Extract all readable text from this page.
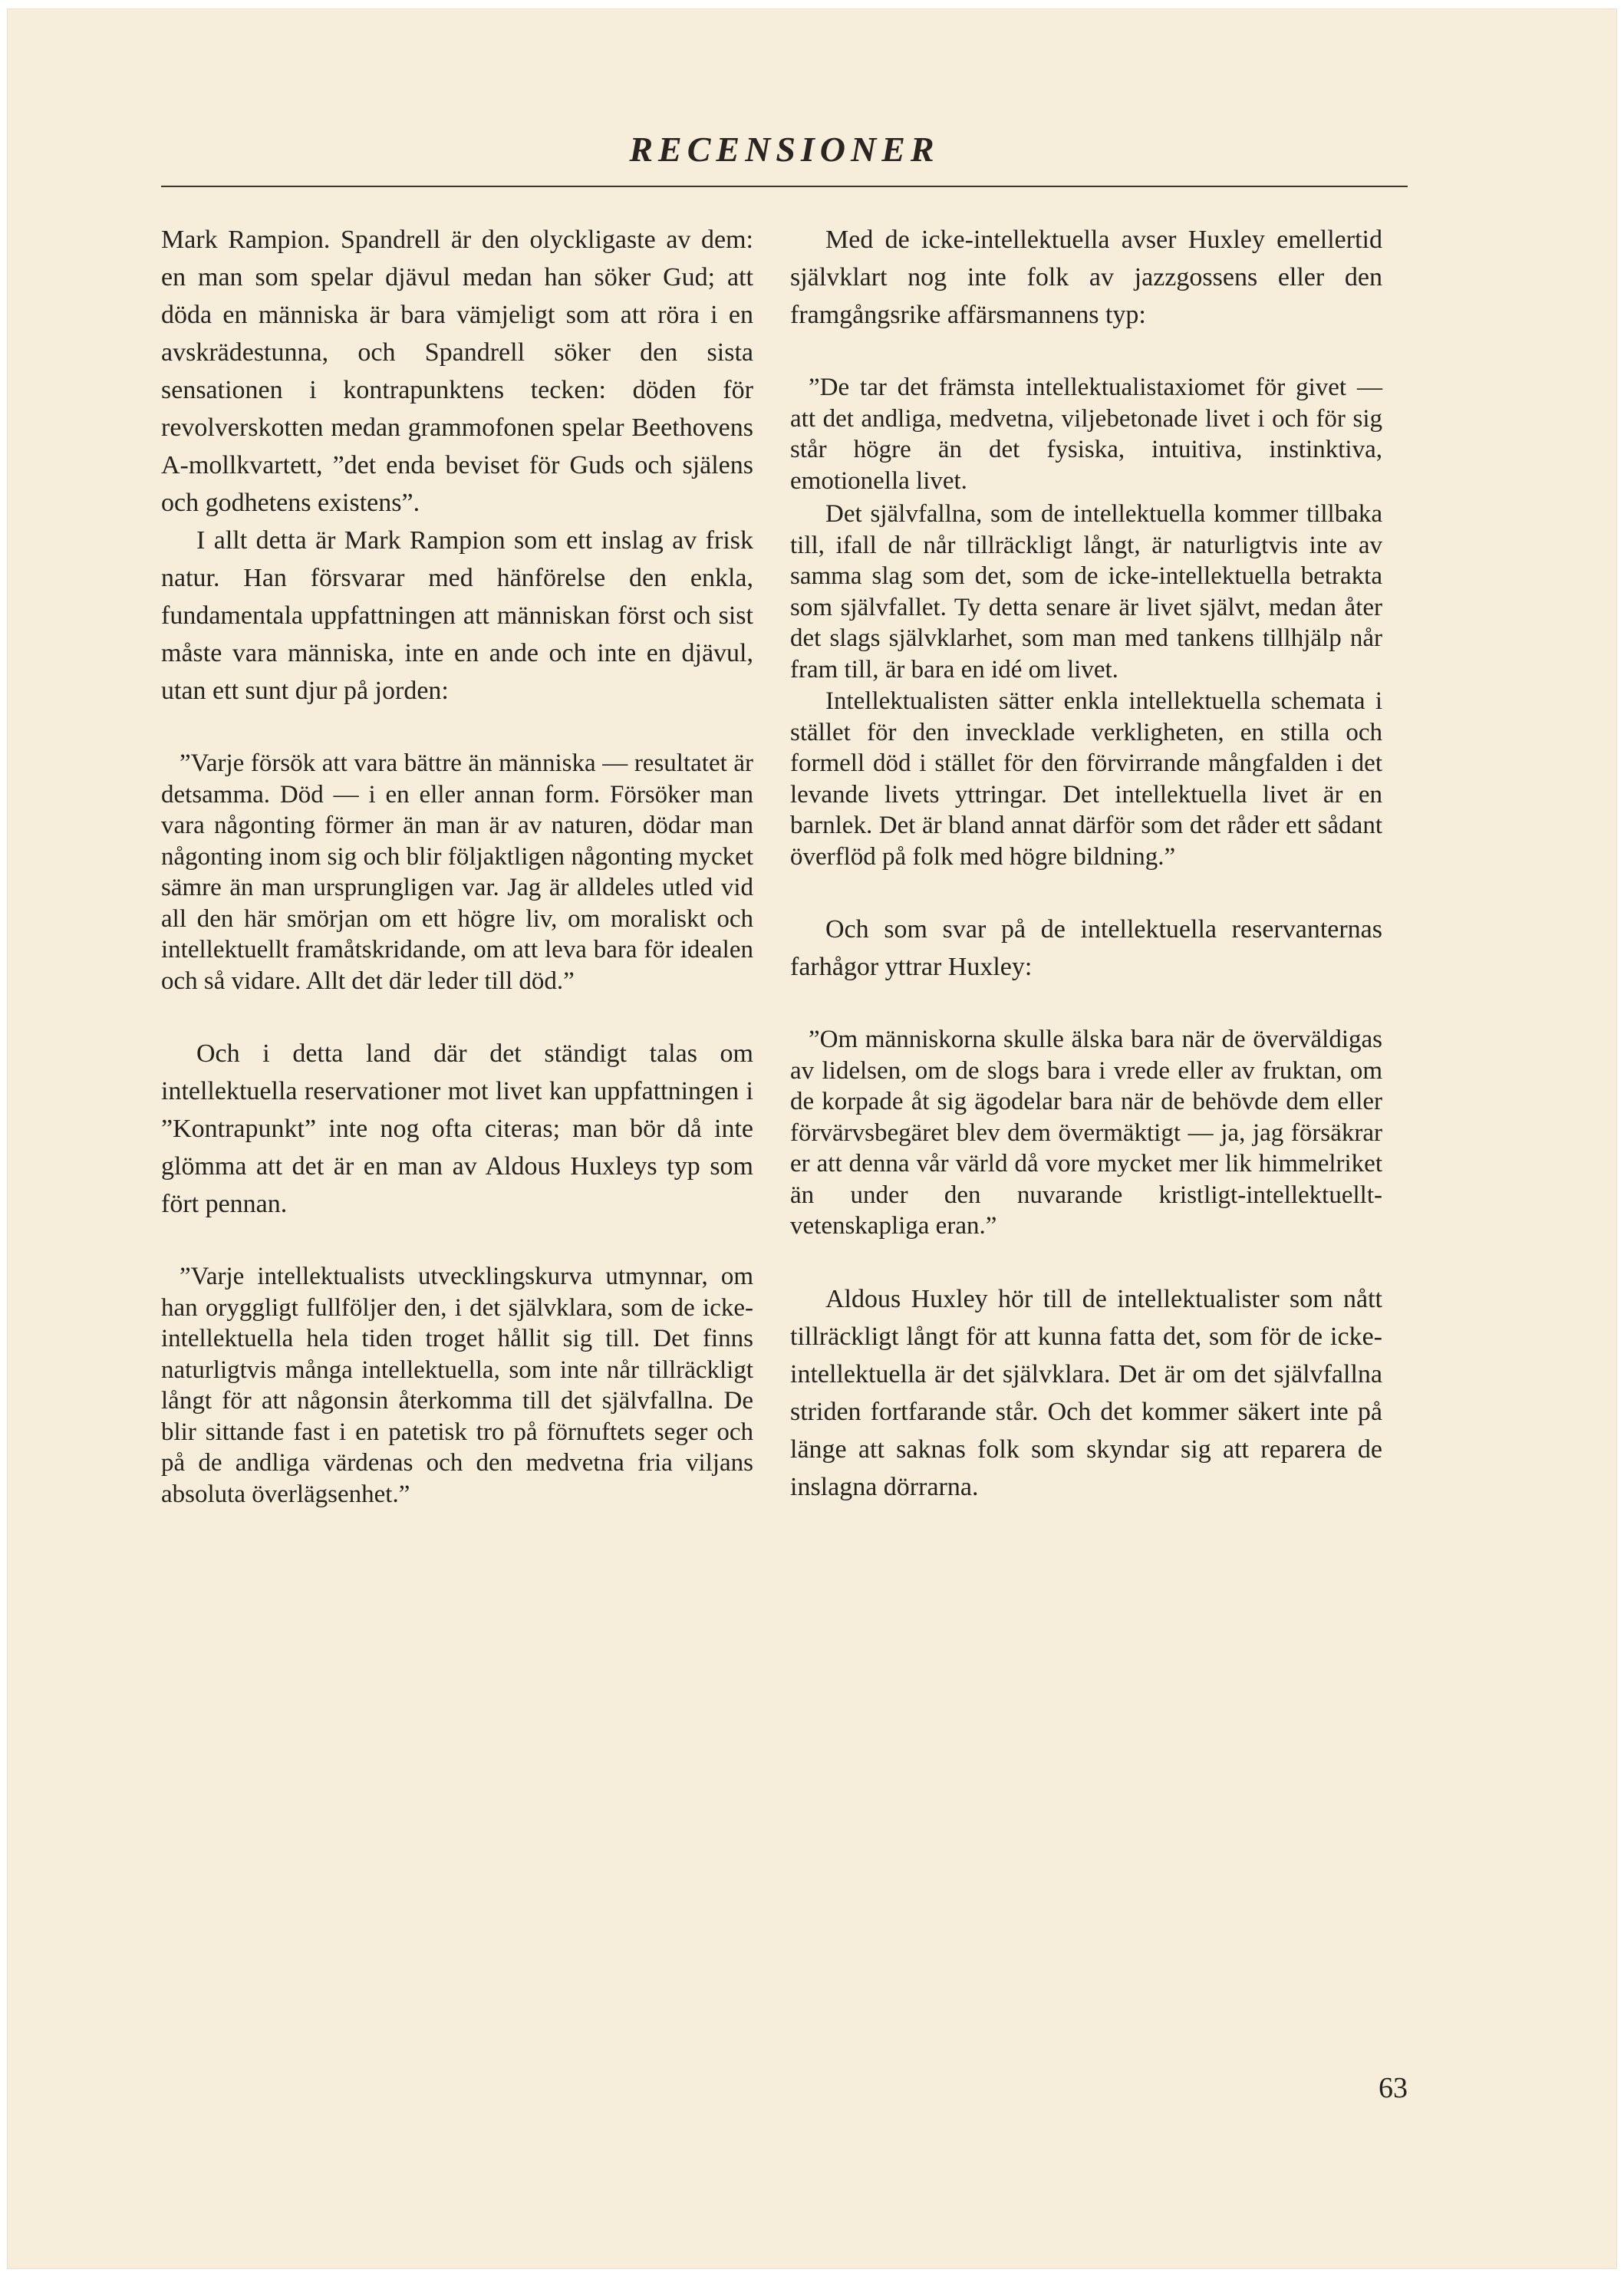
RECENSIONER

Mark Rampion. Spandrell är den olyckligaste av dem: en man som spelar djävul medan han söker Gud; att döda en människa är bara vämjeligt som att röra i en avskrädestunna, och Spandrell söker den sista sensationen i kontrapunktens tecken: döden för revolverskotten medan grammofonen spelar Beethovens A-mollkvartett, ”det enda beviset för Guds och själens och godhetens existens”.

I allt detta är Mark Rampion som ett inslag av frisk natur. Han försvarar med hänförelse den enkla, fundamentala uppfattningen att människan först och sist måste vara människa, inte en ande och inte en djävul, utan ett sunt djur på jorden:

”Varje försök att vara bättre än människa — resultatet är detsamma. Död — i en eller annan form. Försöker man vara någonting förmer än man är av naturen, dödar man någonting inom sig och blir följaktligen någonting mycket sämre än man ursprungligen var. Jag är alldeles utled vid all den här smörjan om ett högre liv, om moraliskt och intellektuellt framåtskridande, om att leva bara för idealen och så vidare. Allt det där leder till död.”

Och i detta land där det ständigt talas om intellektuella reservationer mot livet kan uppfattningen i ”Kontrapunkt” inte nog ofta citeras; man bör då inte glömma att det är en man av Aldous Huxleys typ som fört pennan.

”Varje intellektualists utvecklingskurva utmynnar, om han oryggligt fullföljer den, i det självklara, som de icke-intellektuella hela tiden troget hållit sig till. Det finns naturligtvis många intellektuella, som inte når tillräckligt långt för att någonsin återkomma till det självfallna. De blir sittande fast i en patetisk tro på förnuftets seger och på de andliga värdenas och den medvetna fria viljans absoluta överlägsenhet.”

Med de icke-intellektuella avser Huxley emellertid självklart nog inte folk av jazzgossens eller den framgångsrike affärsmannens typ:

”De tar det främsta intellektualistaxiomet för givet — att det andliga, medvetna, viljebetonade livet i och för sig står högre än det fysiska, intuitiva, instinktiva, emotionella livet.

Det självfallna, som de intellektuella kommer tillbaka till, ifall de når tillräckligt långt, är naturligtvis inte av samma slag som det, som de icke-intellektuella betrakta som självfallet. Ty detta senare är livet självt, medan åter det slags självklarhet, som man med tankens tillhjälp når fram till, är bara en idé om livet.

Intellektualisten sätter enkla intellektuella schemata i stället för den invecklade verkligheten, en stilla och formell död i stället för den förvirrande mångfalden i det levande livets yttringar. Det intellektuella livet är en barnlek. Det är bland annat därför som det råder ett sådant överflöd på folk med högre bildning.”

Och som svar på de intellektuella reservanternas farhågor yttrar Huxley:

”Om människorna skulle älska bara när de överväldigas av lidelsen, om de slogs bara i vrede eller av fruktan, om de korpade åt sig ägodelar bara när de behövde dem eller förvärvsbegäret blev dem övermäktigt — ja, jag försäkrar er att denna vår värld då vore mycket mer lik himmelriket än under den nuvarande kristligt-intellektuellt-vetenskapliga eran.”

Aldous Huxley hör till de intellektualister som nått tillräckligt långt för att kunna fatta det, som för de icke-intellektuella är det självklara. Det är om det självfallna striden fortfarande står. Och det kommer säkert inte på länge att saknas folk som skyndar sig att reparera de inslagna dörrarna.

63
